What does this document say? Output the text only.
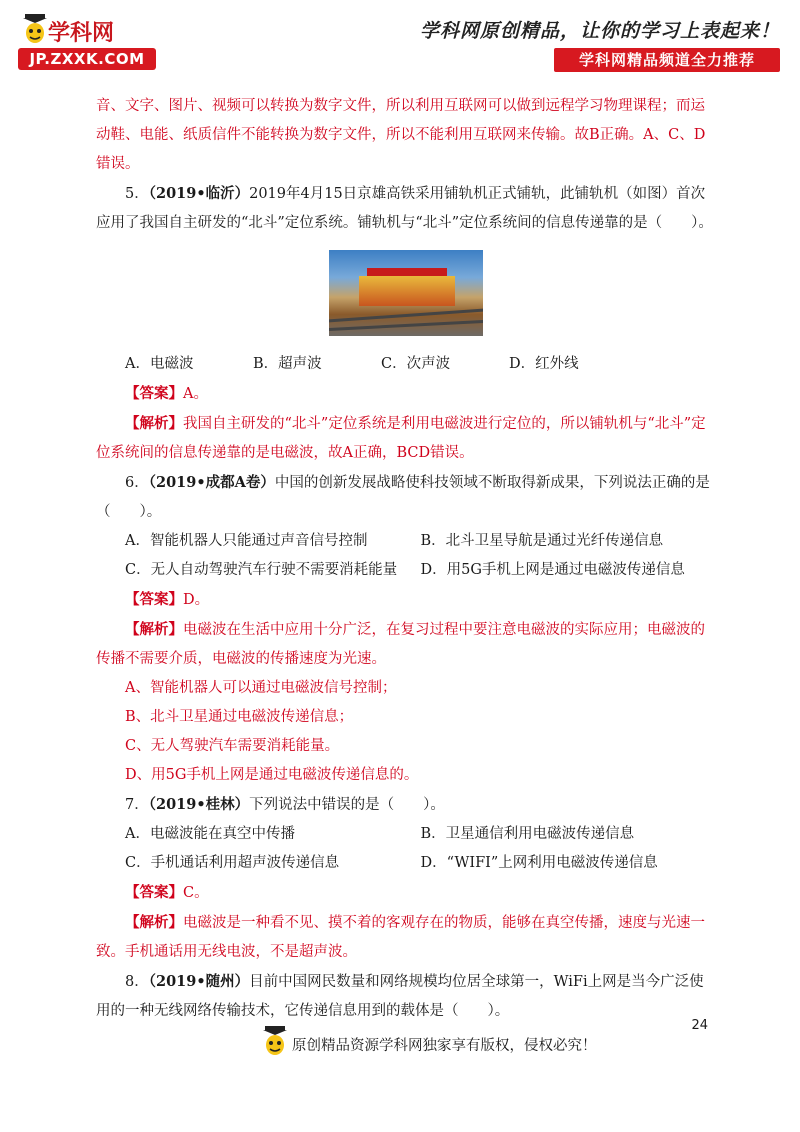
学科网
JP.ZXXK.COM
学科网原创精品，让你的学习上表起来！
学科网精品频道全力推荐

音、文字、图片、视频可以转换为数字文件，所以利用互联网可以做到远程学习物理课程；而运动鞋、电能、纸质信件不能转换为数字文件，所以不能利用互联网来传输。故B正确。A、C、D错误。

5．（2019•临沂）2019年4月15日京雄高铁采用铺轨机正式铺轨，此铺轨机（如图）首次应用了我国自主研发的“北斗”定位系统。铺轨机与“北斗”定位系统间的信息传递靠的是（　　）。

A．电磁波	B．超声波	C．次声波	D．红外线

【答案】A。

【解析】我国自主研发的“北斗”定位系统是利用电磁波进行定位的，所以铺轨机与“北斗”定位系统间的信息传递靠的是电磁波，故A正确，BCD错误。

6．（2019•成都A卷）中国的创新发展战略使科技领域不断取得新成果，下列说法正确的是（　　）。

A．智能机器人只能通过声音信号控制	B．北斗卫星导航是通过光纤传递信息
C．无人自动驾驶汽车行驶不需要消耗能量	D．用5G手机上网是通过电磁波传递信息

【答案】D。

【解析】电磁波在生活中应用十分广泛，在复习过程中要注意电磁波的实际应用；电磁波的传播不需要介质，电磁波的传播速度为光速。

A、智能机器人可以通过电磁波信号控制；

B、北斗卫星通过电磁波传递信息；

C、无人驾驶汽车需要消耗能量。

D、用5G手机上网是通过电磁波传递信息的。

7．（2019•桂林）下列说法中错误的是（　　）。

A．电磁波能在真空中传播	B．卫星通信利用电磁波传递信息
C．手机通话利用超声波传递信息	D．“WIFI”上网利用电磁波传递信息

【答案】C。

【解析】电磁波是一种看不见、摸不着的客观存在的物质，能够在真空传播，速度与光速一致。手机通话用无线电波，不是超声波。

8．（2019•随州）目前中国网民数量和网络规模均位居全球第一，WiFi上网是当今广泛使用的一种无线网络传输技术，它传递信息用到的载体是（　　）。

24
原创精品资源学科网独家享有版权，侵权必究！
